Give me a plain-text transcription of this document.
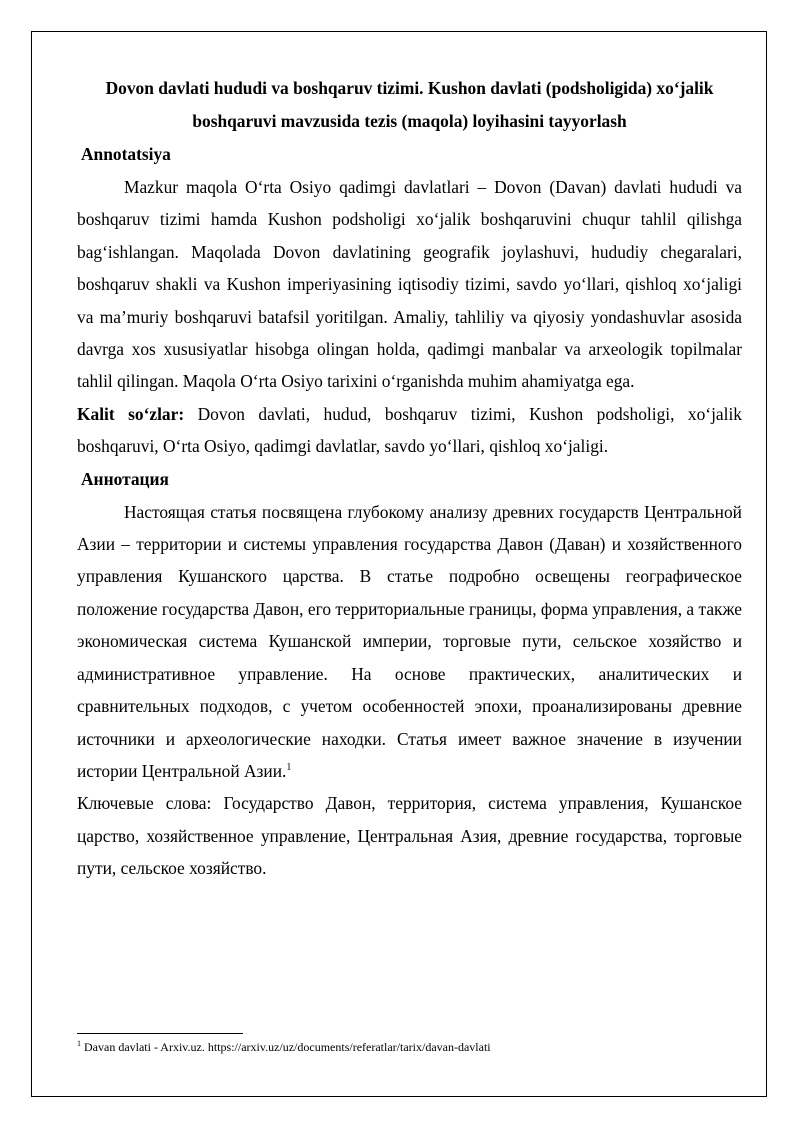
Dovon davlati hududi va boshqaruv tizimi. Kushon davlati (podsholigida) xo‘jalik boshqaruvi mavzusida tezis (maqola) loyihasini tayyorlash

Annotatsiya

Mazkur maqola O‘rta Osiyo qadimgi davlatlari – Dovon (Davan) davlati hududi va boshqaruv tizimi hamda Kushon podsholigi xo‘jalik boshqaruvini chuqur tahlil qilishga bag‘ishlangan. Maqolada Dovon davlatining geografik joylashuvi, hududiy chegaralari, boshqaruv shakli va Kushon imperiyasining iqtisodiy tizimi, savdo yo‘llari, qishloq xo‘jaligi va ma’muriy boshqaruvi batafsil yoritilgan. Amaliy, tahliliy va qiyosiy yondashuvlar asosida davrga xos xususiyatlar hisobga olingan holda, qadimgi manbalar va arxeologik topilmalar tahlil qilingan. Maqola O‘rta Osiyo tarixini o‘rganishda muhim ahamiyatga ega.

Kalit so‘zlar: Dovon davlati, hudud, boshqaruv tizimi, Kushon podsholigi, xo‘jalik boshqaruvi, O‘rta Osiyo, qadimgi davlatlar, savdo yo‘llari, qishloq xo‘jaligi.

Аннотация

Настоящая статья посвящена глубокому анализу древних государств Центральной Азии – территории и системы управления государства Давон (Даван) и хозяйственного управления Кушанского царства. В статье подробно освещены географическое положение государства Давон, его территориальные границы, форма управления, а также экономическая система Кушанской империи, торговые пути, сельское хозяйство и административное управление. На основе практических, аналитических и сравнительных подходов, с учетом особенностей эпохи, проанализированы древние источники и археологические находки. Статья имеет важное значение в изучении истории Центральной Азии.$^1$

Ключевые слова: Государство Давон, территория, система управления, Кушанское царство, хозяйственное управление, Центральная Азия, древние государства, торговые пути, сельское хозяйство.

$^1$ Davan davlati - Arxiv.uz. https://arxiv.uz/uz/documents/referatlar/tarix/davan-davlati
